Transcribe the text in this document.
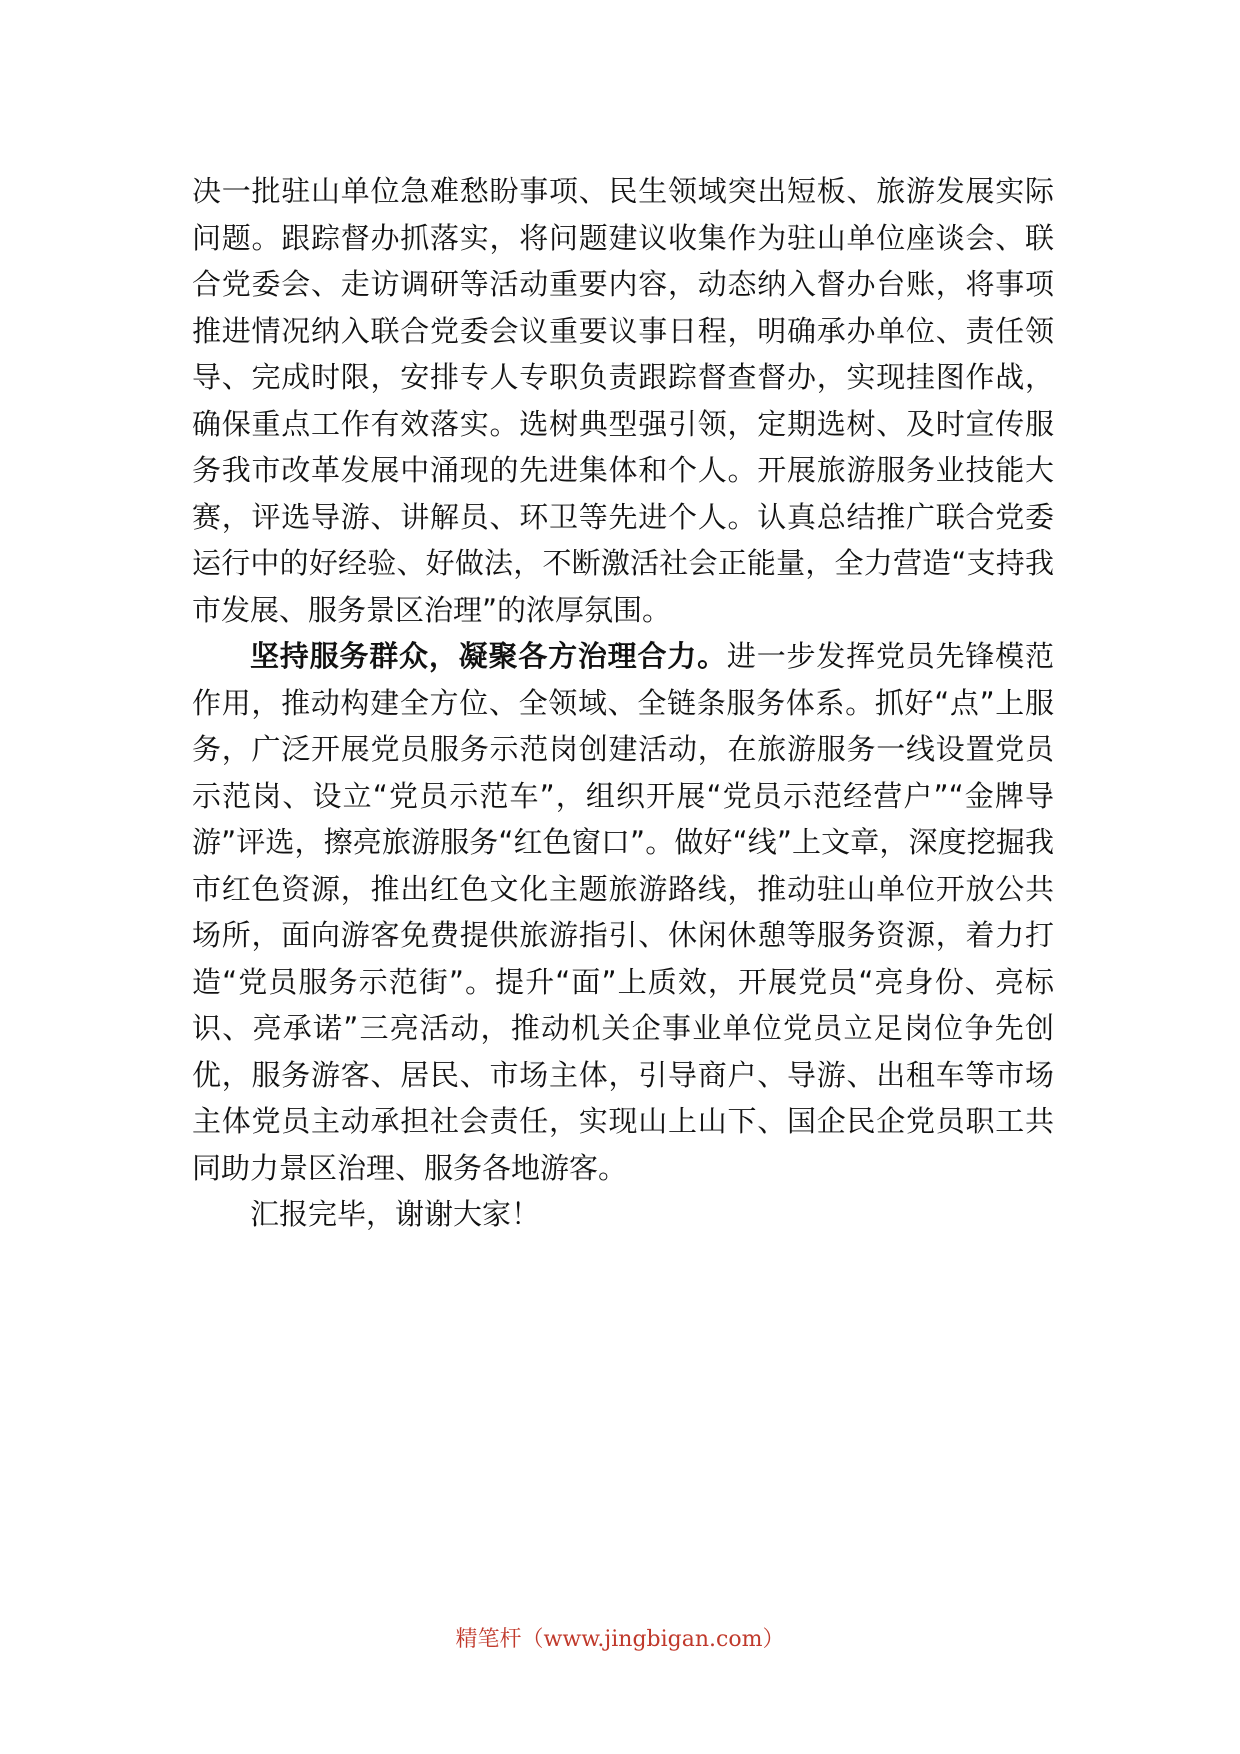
决一批驻山单位急难愁盼事项、民生领域突出短板、旅游发展实际问题。跟踪督办抓落实，将问题建议收集作为驻山单位座谈会、联合党委会、走访调研等活动重要内容，动态纳入督办台账，将事项推进情况纳入联合党委会议重要议事日程，明确承办单位、责任领导、完成时限，安排专人专职负责跟踪督查督办，实现挂图作战，确保重点工作有效落实。选树典型强引领，定期选树、及时宣传服务我市改革发展中涌现的先进集体和个人。开展旅游服务业技能大赛，评选导游、讲解员、环卫等先进个人。认真总结推广联合党委运行中的好经验、好做法，不断激活社会正能量，全力营造“支持我市发展、服务景区治理”的浓厚氛围。

坚持服务群众，凝聚各方治理合力。进一步发挥党员先锋模范作用，推动构建全方位、全领域、全链条服务体系。抓好“点”上服务，广泛开展党员服务示范岗创建活动，在旅游服务一线设置党员示范岗、设立“党员示范车”，组织开展“党员示范经营户”“金牌导游”评选，擦亮旅游服务“红色窗口”。做好“线”上文章，深度挖掘我市红色资源，推出红色文化主题旅游路线，推动驻山单位开放公共场所，面向游客免费提供旅游指引、休闲休憩等服务资源，着力打造“党员服务示范街”。提升“面”上质效，开展党员“亮身份、亮标识、亮承诺”三亮活动，推动机关企事业单位党员立足岗位争先创优，服务游客、居民、市场主体，引导商户、导游、出租车等市场主体党员主动承担社会责任，实现山上山下、国企民企党员职工共同助力景区治理、服务各地游客。

汇报完毕，谢谢大家！

精笔杆（www.jingbigan.com）
